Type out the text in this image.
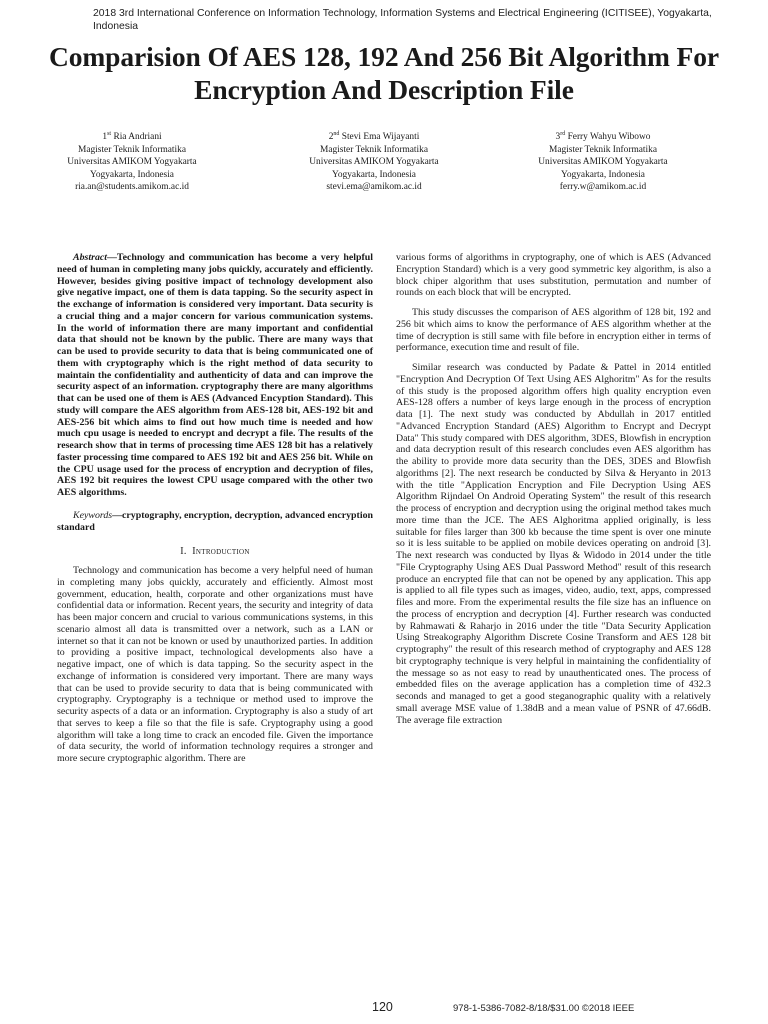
2018 3rd International Conference on Information Technology, Information Systems and Electrical Engineering (ICITISEE), Yogyakarta, Indonesia
Comparision Of AES 128, 192 And 256 Bit Algorithm For Encryption And Description File
1st Ria Andriani
Magister Teknik Informatika
Universitas AMIKOM Yogyakarta
Yogyakarta, Indonesia
ria.an@students.amikom.ac.id
2nd Stevi Ema Wijayanti
Magister Teknik Informatika
Universitas AMIKOM Yogyakarta
Yogyakarta, Indonesia
stevi.ema@amikom.ac.id
3rd Ferry Wahyu Wibowo
Magister Teknik Informatika
Universitas AMIKOM Yogyakarta
Yogyakarta, Indonesia
ferry.w@amikom.ac.id

Abstract—Technology and communication has become a very helpful need of human in completing many jobs quickly, accurately and efficiently. However, besides giving positive impact of technology development also give negative impact, one of them is data tapping. So the security aspect in the exchange of information is considered very important. Data security is a crucial thing and a major concern for various communication systems. In the world of information there are many important and confidential data that should not be known by the public. There are many ways that can be used to provide security to data that is being communicated one of them with cryptography which is the right method of data security to maintain the confidentiality and authenticity of data and can improve the security aspect of an information. cryptography there are many algorithms that can be used one of them is AES (Advanced Encyption Standard). This study will compare the AES algorithm from AES-128 bit, AES-192 bit and AES-256 bit which aims to find out how much time is needed and how much cpu usage is needed to encrypt and decrypt a file. The results of the research show that in terms of processing time AES 128 bit has a relatively faster processing time compared to AES 192 bit and AES 256 bit. While on the CPU usage used for the process of encryption and decryption of files, AES 192 bit requires the lowest CPU usage compared with the other two AES algorithms.

Keywords—cryptography, encryption, decryption, advanced encryption standard

I. Introduction

Technology and communication has become a very helpful need of human in completing many jobs quickly, accurately and efficiently. Almost most government, education, health, corporate and other organizations must have confidential data or information. Recent years, the security and integrity of data has been major concern and crucial to various communications systems, in this scenario almost all data is transmitted over a network, such as a LAN or internet so that it can not be known or used by unauthorized parties. In addition to providing a positive impact, technological developments also have a negative impact, one of which is data tapping. So the security aspect in the exchange of information is considered very important. There are many ways that can be used to provide security to data that is being communicated with cryptography. Cryptography is a technique or method used to improve the security aspects of a data or an information. Cryptography is also a study of art that serves to keep a file so that the file is safe. Cryptography using a good algorithm will take a long time to crack an encoded file. Given the importance of data security, the world of information technology requires a stronger and more secure cryptographic algorithm. There are

various forms of algorithms in cryptography, one of which is AES (Advanced Encryption Standard) which is a very good symmetric key algorithm, is also a block chiper algorithm that uses substitution, permutation and number of rounds on each block that will be encrypted.

This study discusses the comparison of AES algorithm of 128 bit, 192 and 256 bit which aims to know the performance of AES algorithm whether at the time of decryption is still same with file before in encryption either in terms of performance, execution time and result of file.

Similar research was conducted by Padate & Pattel in 2014 entitled "Encryption And Decryption Of Text Using AES Alghoritm" As for the results of this study is the proposed algorithm offers high quality encryption even AES-128 offers a number of keys large enough in the process of encryption data [1]. The next study was conducted by Abdullah in 2017 entitled "Advanced Encryption Standard (AES) Algorithm to Encrypt and Decrypt Data" This study compared with DES algorithm, 3DES, Blowfish in encryption and data decryption result of this research concludes even AES algorithm has the ability to provide more data security than the DES, 3DES and Blowfish algorithms [2]. The next research be conducted by Silva & Heryanto in 2013 with the title "Application Encryption and File Decryption Using AES Algorithm Rijndael On Android Operating System" the result of this research the process of encryption and decryption using the original method takes much more time than the JCE. The AES Alghoritma applied originally, is less suitable for files larger than 300 kb because the time spent is over one minute so it is less suitable to be applied on mobile devices operating on android [3]. The next research was conducted by Ilyas & Widodo in 2014 under the title "File Cryptography Using AES Dual Password Method" result of this research produce an encrypted file that can not be opened by any application. This app is applied to all file types such as images, video, audio, text, apps, compressed files and more. From the experimental results the file size has an influence on the process of encryption and decryption [4]. Further research was conducted by Rahmawati & Raharjo in 2016 under the title "Data Security Application Using Streakography Algorithm Discrete Cosine Transform and AES 128 bit cryptography" the result of this research method of cryptography and AES 128 bit cryptography technique is very helpful in maintaining the confidentiality of the message so as not easy to read by unauthenticated ones. The process of embedded files on the average application has a completion time of 432.3 seconds and managed to get a good steganographic quality with a relatively small average MSE value of 1.38dB and a mean value of PSNR of 47.66dB. The average file extraction

120	978-1-5386-7082-8/18/$31.00 ©2018 IEEE
